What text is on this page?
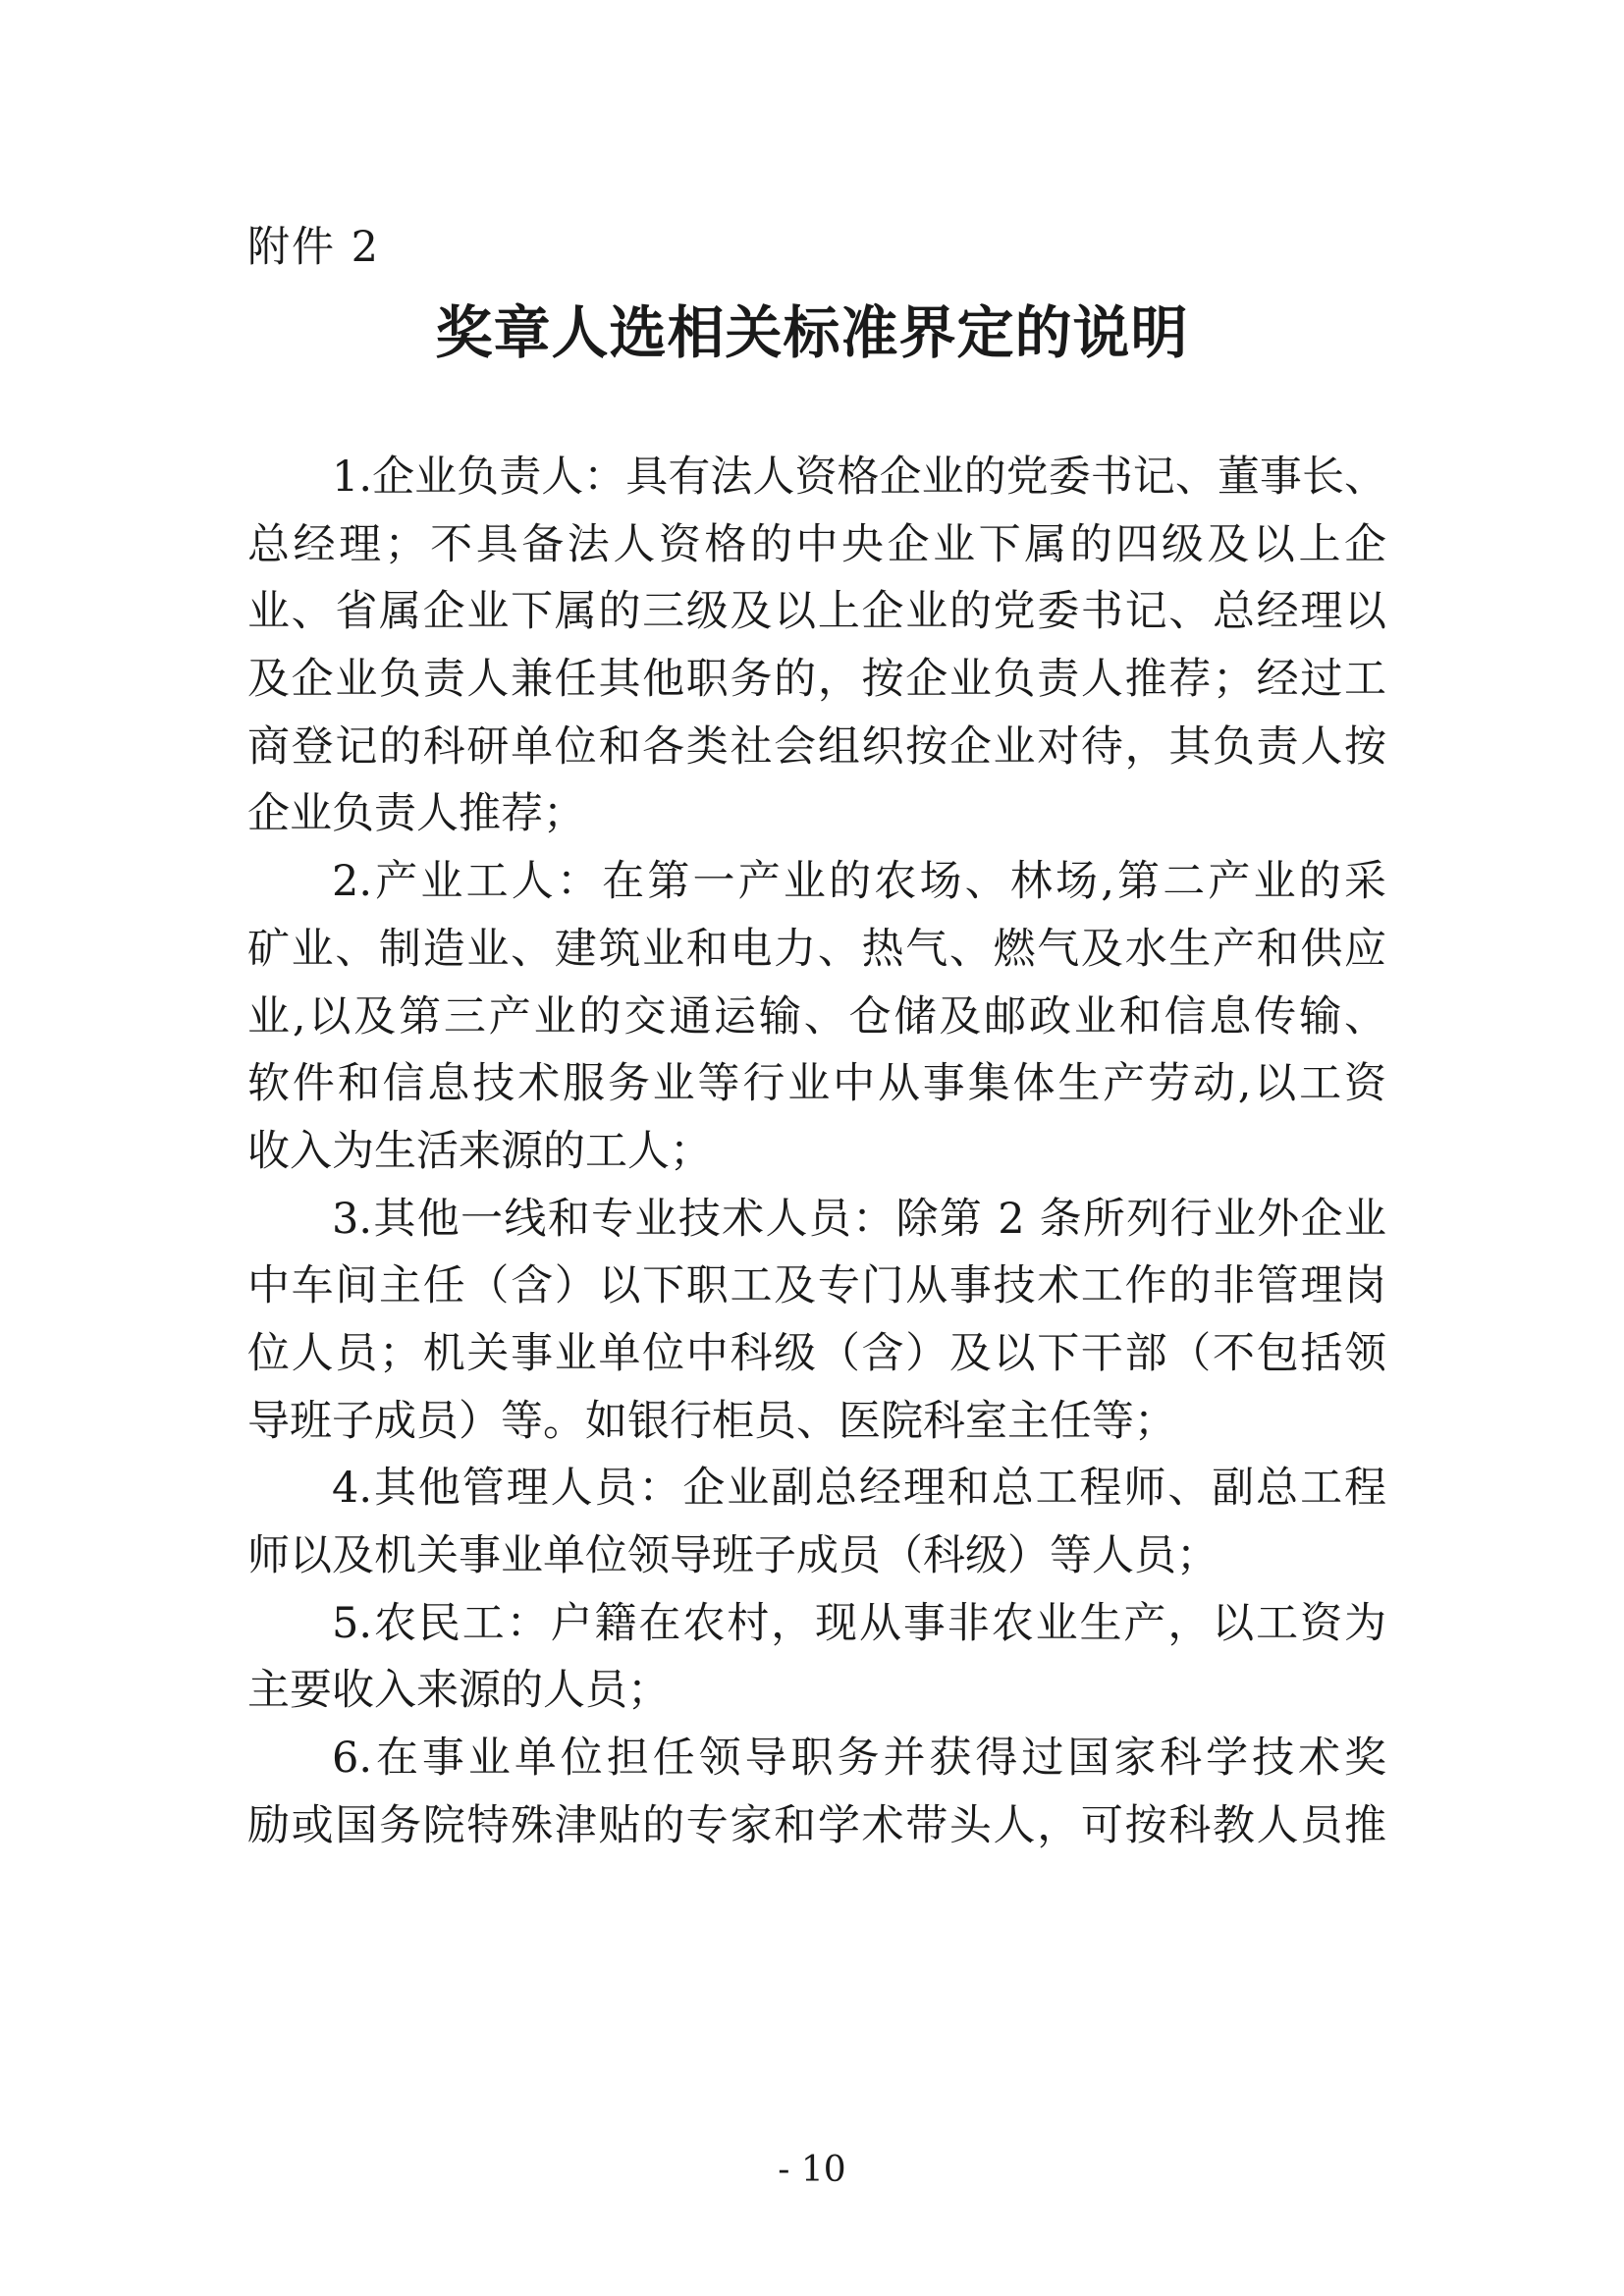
附件 2
奖章人选相关标准界定的说明
1.企业负责人：具有法人资格企业的党委书记、董事长、
总经理；不具备法人资格的中央企业下属的四级及以上企
业、省属企业下属的三级及以上企业的党委书记、总经理以
及企业负责人兼任其他职务的，按企业负责人推荐；经过工
商登记的科研单位和各类社会组织按企业对待，其负责人按
企业负责人推荐；
2.产业工人：在第一产业的农场、林场,第二产业的采
矿业、制造业、建筑业和电力、热气、燃气及水生产和供应
业,以及第三产业的交通运输、仓储及邮政业和信息传输、
软件和信息技术服务业等行业中从事集体生产劳动,以工资
收入为生活来源的工人；
3.其他一线和专业技术人员：除第 2 条所列行业外企业
中车间主任（含）以下职工及专门从事技术工作的非管理岗
位人员；机关事业单位中科级（含）及以下干部（不包括领
导班子成员）等。如银行柜员、医院科室主任等；
4.其他管理人员：企业副总经理和总工程师、副总工程
师以及机关事业单位领导班子成员（科级）等人员；
5.农民工：户籍在农村，现从事非农业生产，以工资为
主要收入来源的人员；
6.在事业单位担任领导职务并获得过国家科学技术奖
励或国务院特殊津贴的专家和学术带头人，可按科教人员推
- 10
